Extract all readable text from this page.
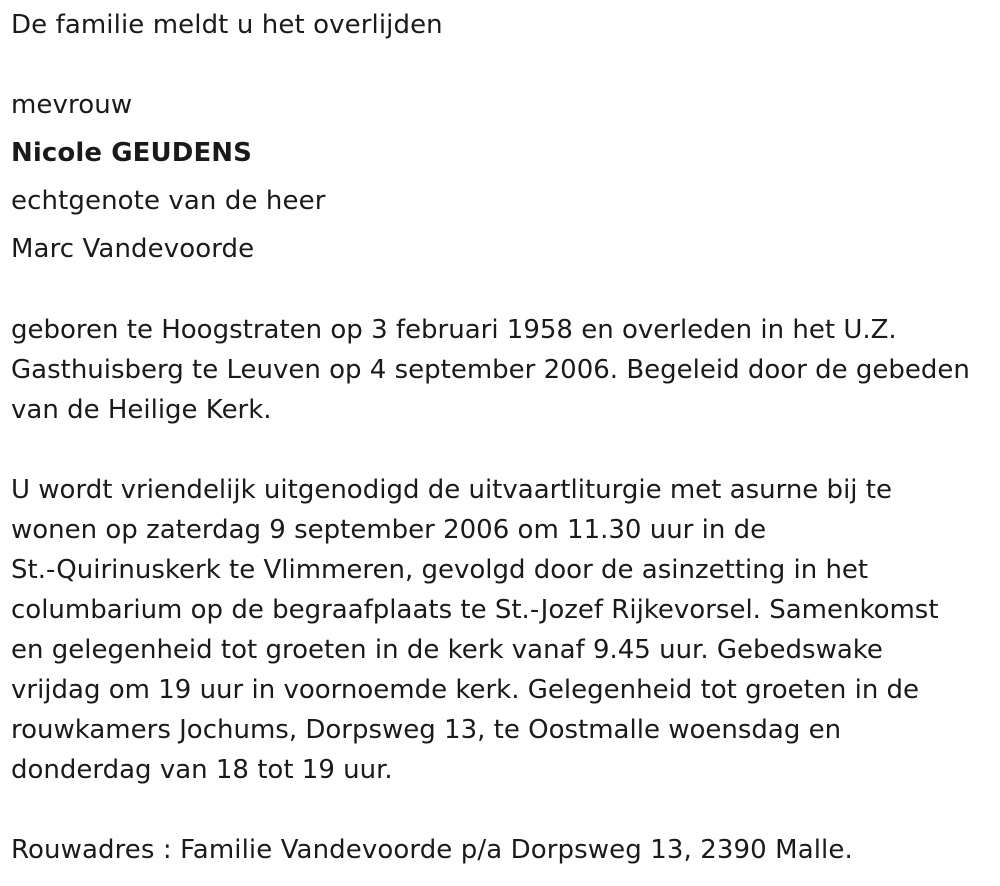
De familie meldt u het overlijden
mevrouw
Nicole GEUDENS
echtgenote van de heer
Marc Vandevoorde
geboren te Hoogstraten op 3 februari 1958 en overleden in het U.Z.
Gasthuisberg te Leuven op 4 september 2006. Begeleid door de gebeden
van de Heilige Kerk.
U wordt vriendelijk uitgenodigd de uitvaartliturgie met asurne bij te
wonen op zaterdag 9 september 2006 om 11.30 uur in de
St.-Quirinuskerk te Vlimmeren, gevolgd door de asinzetting in het
columbarium op de begraafplaats te St.-Jozef Rijkevorsel. Samenkomst
en gelegenheid tot groeten in de kerk vanaf 9.45 uur. Gebedswake
vrijdag om 19 uur in voornoemde kerk. Gelegenheid tot groeten in de
rouwkamers Jochums, Dorpsweg 13, te Oostmalle woensdag en
donderdag van 18 tot 19 uur.
Rouwadres : Familie Vandevoorde p/a Dorpsweg 13, 2390 Malle.
